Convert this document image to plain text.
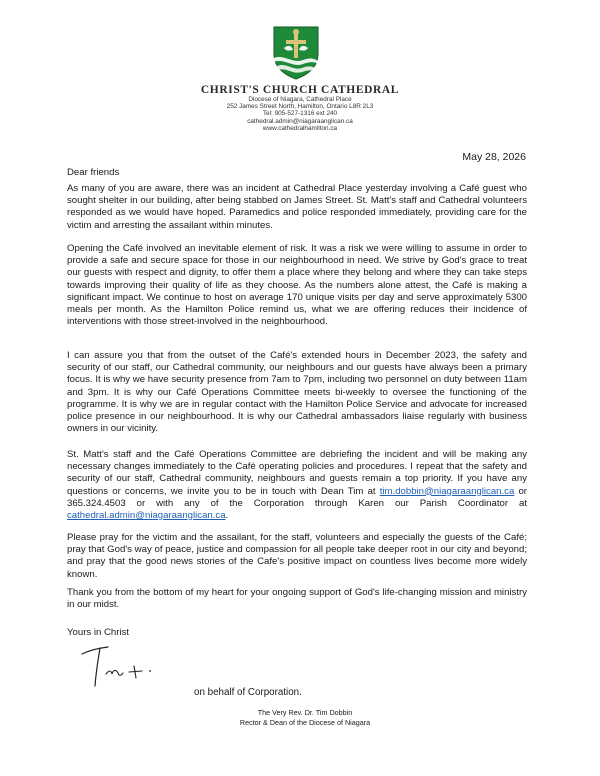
CHRIST'S CHURCH CATHEDRAL
Diocese of Niagara, Cathedral Place
252 James Street North, Hamilton, Ontario L8R 2L3
Tel: 905-527-1316 ext 240
cathedral.admin@niagaraanglican.ca
www.cathedralhamilton.ca
May 28, 2026
Dear friends

As many of you are aware, there was an incident at Cathedral Place yesterday involving a Café guest who sought shelter in our building, after being stabbed on James Street. St. Matt's staff and Cathedral volunteers responded as we would have hoped. Paramedics and police responded immediately, providing care for the victim and arresting the assailant within minutes.

Opening the Café involved an inevitable element of risk. It was a risk we were willing to assume in order to provide a safe and secure space for those in our neighbourhood in need. We strive by God's grace to treat our guests with respect and dignity, to offer them a place where they belong and where they can take steps towards improving their quality of life as they choose. As the numbers alone attest, the Café is making a significant impact. We continue to host on average 170 unique visits per day and serve approximately 5300 meals per month. As the Hamilton Police remind us, what we are offering reduces their incidence of interventions with those street-involved in the neighbourhood.

I can assure you that from the outset of the Café's extended hours in December 2023, the safety and security of our staff, our Cathedral community, our neighbours and our guests have always been a primary focus. It is why we have security presence from 7am to 7pm, including two personnel on duty between 11am and 3pm. It is why our Café Operations Committee meets bi-weekly to oversee the functioning of the programme. It is why we are in regular contact with the Hamilton Police Service and advocate for increased police presence in our neighbourhood. It is why our Cathedral ambassadors liaise regularly with business owners in our vicinity.

St. Matt's staff and the Café Operations Committee are debriefing the incident and will be making any necessary changes immediately to the Café operating policies and procedures. I repeat that the safety and security of our staff, Cathedral community, neighbours and guests remain a top priority. If you have any questions or concerns, we invite you to be in touch with Dean Tim at tim.dobbin@niagaraanglican.ca or 365.324.4503 or with any of the Corporation through Karen our Parish Coordinator at cathedral.admin@niagaraanglican.ca.

Please pray for the victim and the assailant, for the staff, volunteers and especially the guests of the Café; pray that God's way of peace, justice and compassion for all people take deeper root in our city and beyond; and pray that the good news stories of the Cafe's positive impact on countless lives become more widely known.

Thank you from the bottom of my heart for your ongoing support of God's life-changing mission and ministry in our midst.

Yours in Christ
on behalf of Corporation.
The Very Rev. Dr. Tim Dobbin
Rector & Dean of the Diocese of Niagara
